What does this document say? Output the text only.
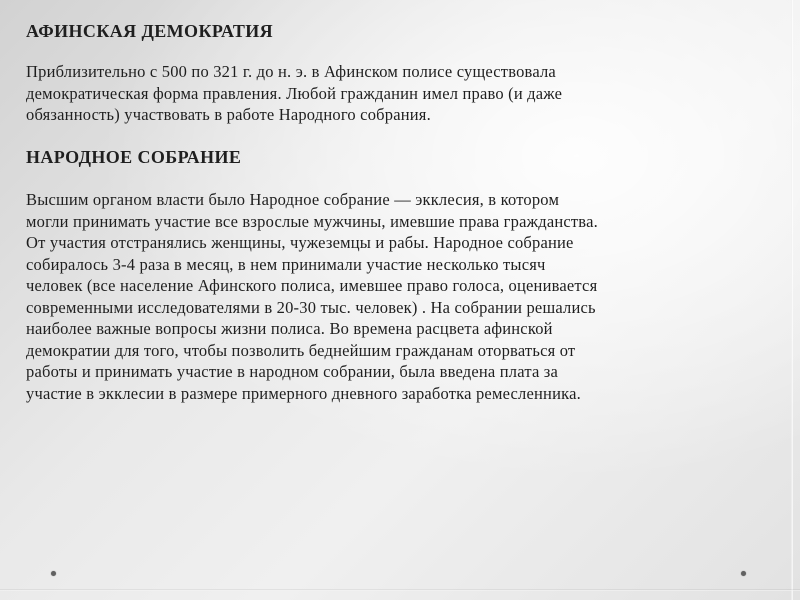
АФИНСКАЯ ДЕМОКРАТИЯ
Приблизительно с 500 по 321 г. до н. э. в Афинском полисе существовала
демократическая форма правления. Любой гражданин имел право (и даже
обязанность) участвовать в работе Народного собрания.
НАРОДНОЕ СОБРАНИЕ
Высшим органом власти было Народное собрание — экклесия, в котором
могли принимать участие все взрослые мужчины, имевшие права гражданства.
От участия отстранялись женщины, чужеземцы и рабы. Народное собрание
собиралось 3-4 раза в месяц, в нем принимали участие несколько тысяч
человек (все население Афинского полиса, имевшее право голоса, оценивается
современными исследователями в 20-30 тыс. человек) . На собрании решались
наиболее важные вопросы жизни полиса. Во времена расцвета афинской
демократии для того, чтобы позволить беднейшим гражданам оторваться от
работы и принимать участие в народном собрании, была введена плата за
участие в экклесии в размере примерного дневного заработка ремесленника.
